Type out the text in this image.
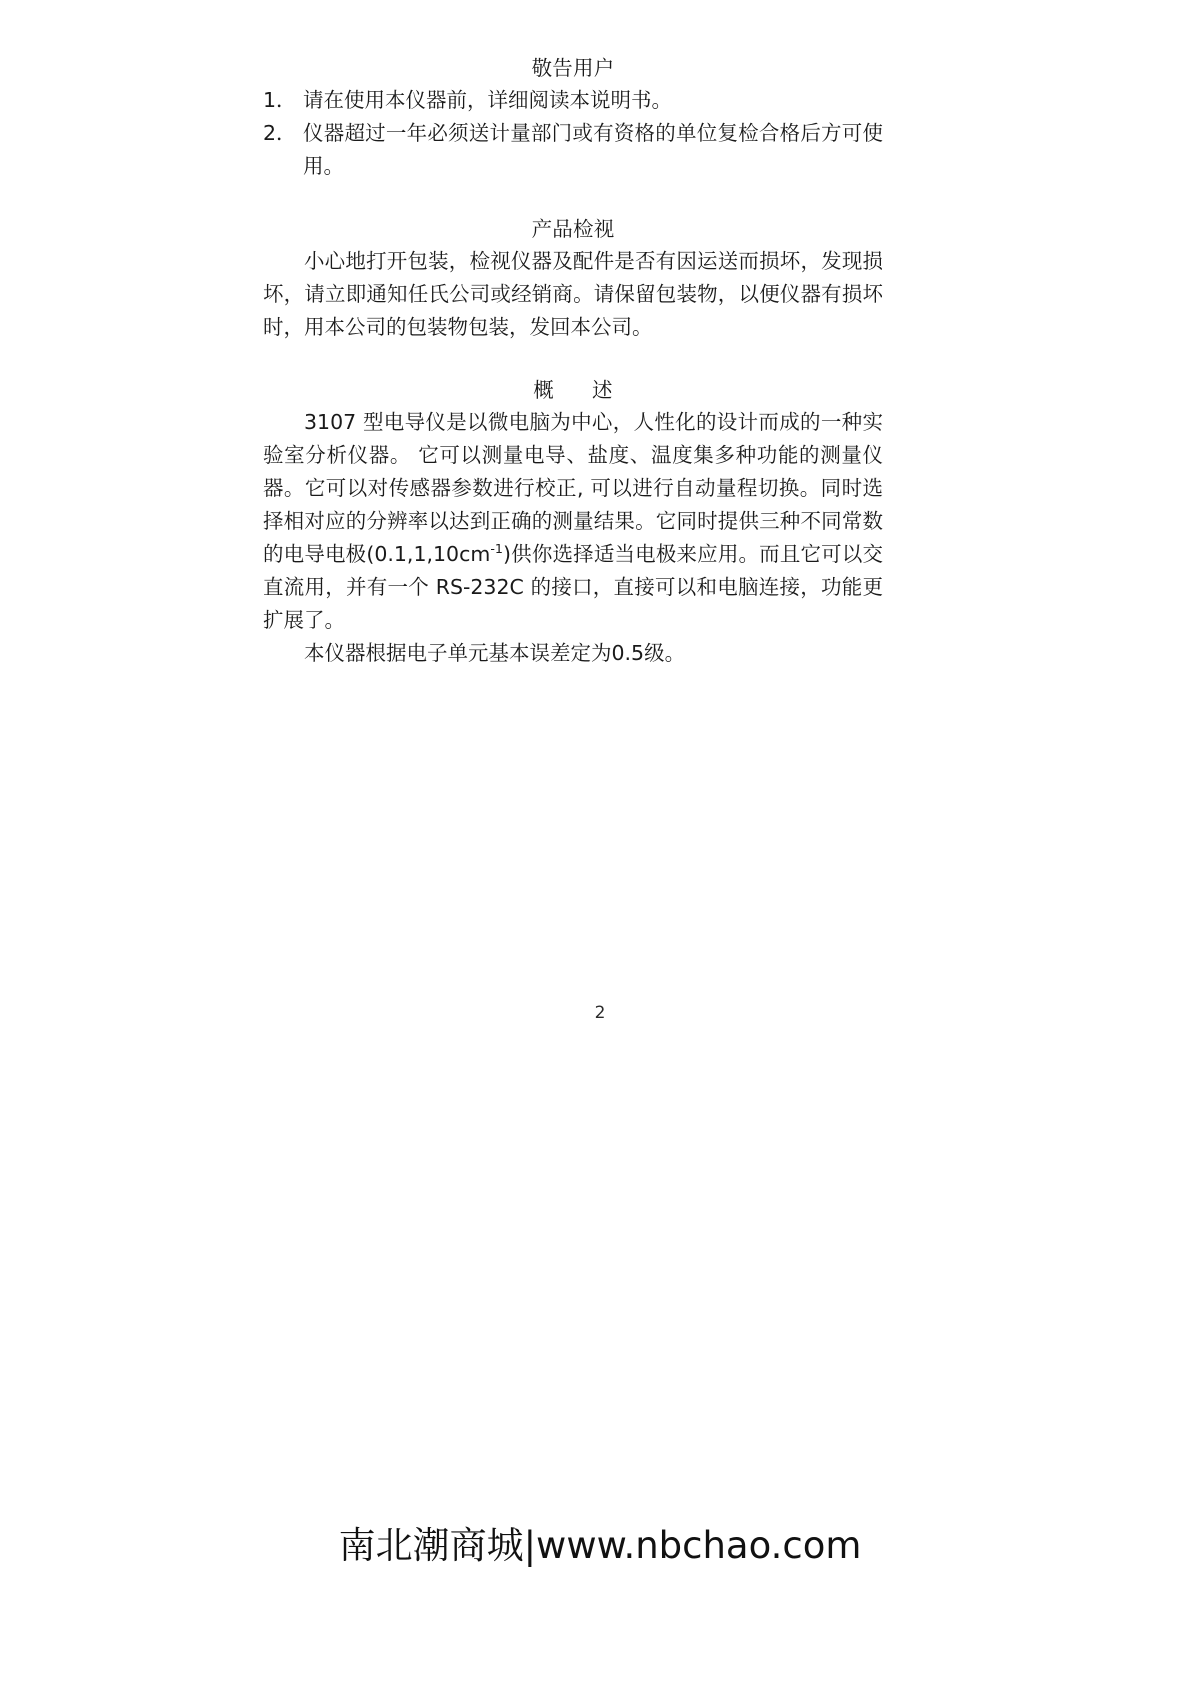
敬告用户
1． 请在使用本仪器前，详细阅读本说明书。
2． 仪器超过一年必须送计量部门或有资格的单位复检合格后方可使用。
产品检视

小心地打开包装，检视仪器及配件是否有因运送而损坏，发现损坏，请立即通知任氏公司或经销商。请保留包装物，以便仪器有损坏时，用本公司的包装物包装，发回本公司。

概 述

3107 型电导仪是以微电脑为中心，人性化的设计而成的一种实验室分析仪器。 它可以测量电导、盐度、温度集多种功能的测量仪器。它可以对传感器参数进行校正, 可以进行自动量程切换。同时选择相对应的分辨率以达到正确的测量结果。它同时提供三种不同常数的电导电极$(0.1,1,10cm^{-1})$供你选择适当电极来应用。而且它可以交直流用，并有一个 RS-232C 的接口，直接可以和电脑连接，功能更扩展了。

本仪器根据电子单元基本误差定为0.5级。

2
南北潮商城|www.nbchao.com
